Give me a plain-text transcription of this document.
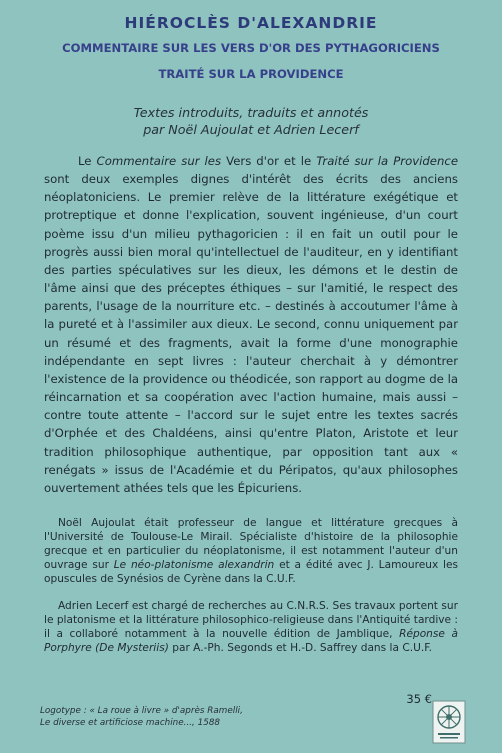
HIÉROCLÈS D'ALEXANDRIE
COMMENTAIRE SUR LES VERS D'OR DES PYTHAGORICIENS
TRAITÉ SUR LA PROVIDENCE
Textes introduits, traduits et annotés
par Noël Aujoulat et Adrien Lecerf

Le Commentaire sur les Vers d'or et le Traité sur la Providence sont deux exemples dignes d'intérêt des écrits des anciens néoplatoniciens. Le premier relève de la littérature exégétique et protreptique et donne l'explication, souvent ingénieuse, d'un court poème issu d'un milieu pythagoricien : il en fait un outil pour le progrès aussi bien moral qu'intellectuel de l'auditeur, en y identifiant des parties spéculatives sur les dieux, les démons et le destin de l'âme ainsi que des préceptes éthiques – sur l'amitié, le respect des parents, l'usage de la nourriture etc. – destinés à accoutumer l'âme à la pureté et à l'assimiler aux dieux. Le second, connu uniquement par un résumé et des fragments, avait la forme d'une monographie indépendante en sept livres : l'auteur cherchait à y démontrer l'existence de la providence ou théodicée, son rapport au dogme de la réincarnation et sa coopération avec l'action humaine, mais aussi – contre toute attente – l'accord sur le sujet entre les textes sacrés d'Orphée et des Chaldéens, ainsi qu'entre Platon, Aristote et leur tradition philosophique authentique, par opposition tant aux « renégats » issus de l'Académie et du Péripatos, qu'aux philosophes ouvertement athées tels que les Épicuriens.

Noël Aujoulat était professeur de langue et littérature grecques à l'Université de Toulouse-Le Mirail. Spécialiste d'histoire de la philosophie grecque et en particulier du néoplatonisme, il est notamment l'auteur d'un ouvrage sur Le néo-platonisme alexandrin et a édité avec J. Lamoureux les opuscules de Synésios de Cyrène dans la C.U.F.

Adrien Lecerf est chargé de recherches au C.N.R.S. Ses travaux portent sur le platonisme et la littérature philosophico-religieuse dans l'Antiquité tardive : il a collaboré notamment à la nouvelle édition de Jamblique, Réponse à Porphyre (De Mysteriis) par A.-Ph. Segonds et H.-D. Saffrey dans la C.U.F.

35 €
Logotype : « La roue à livre » d'après Ramelli,
Le diverse et artificiose machine..., 1588
